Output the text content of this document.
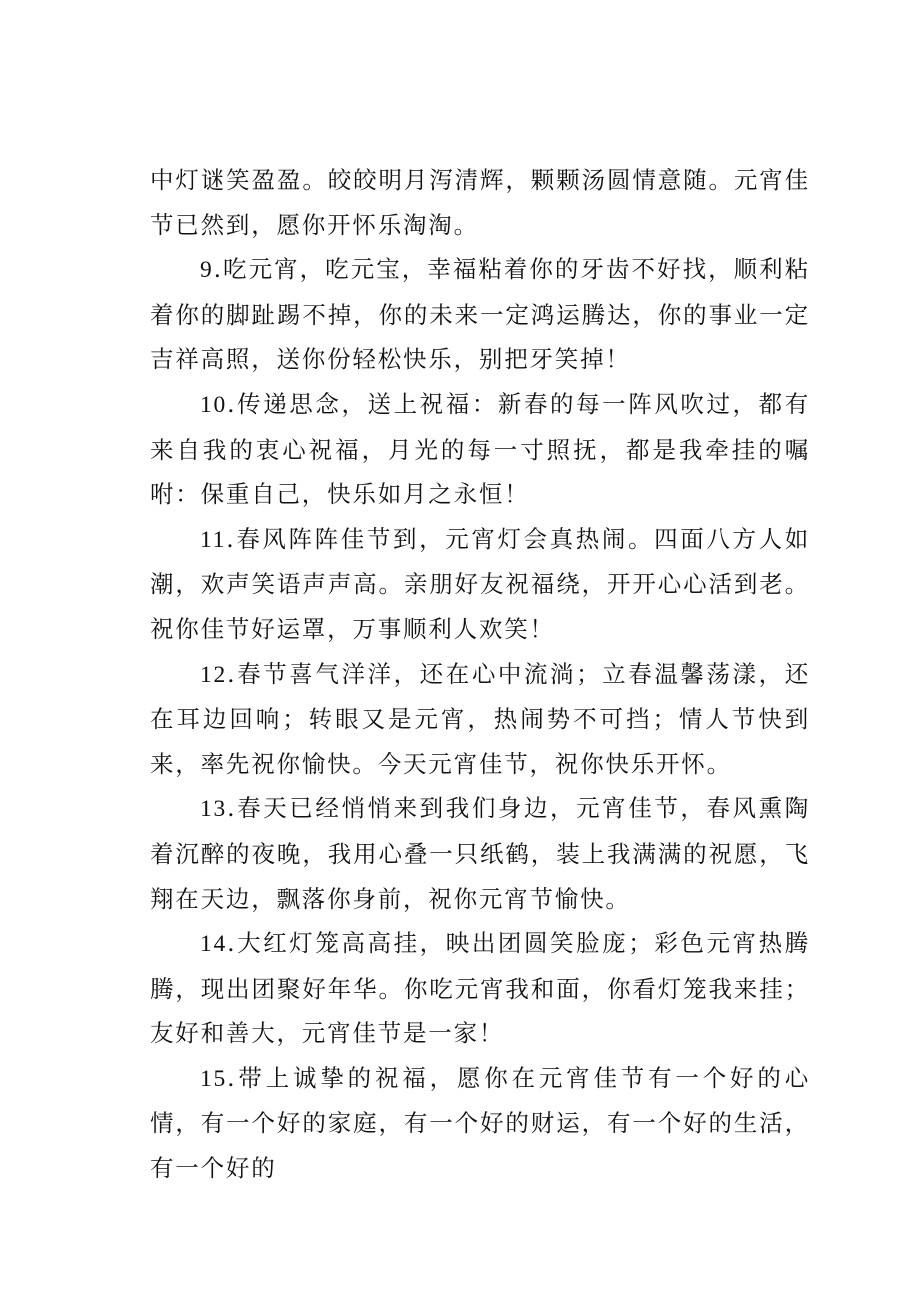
中灯谜笑盈盈。皎皎明月泻清辉，颗颗汤圆情意随。元宵佳节已然到，愿你开怀乐淘淘。

9.吃元宵，吃元宝，幸福粘着你的牙齿不好找，顺利粘着你的脚趾踢不掉，你的未来一定鸿运腾达，你的事业一定吉祥高照，送你份轻松快乐，别把牙笑掉！

10.传递思念，送上祝福：新春的每一阵风吹过，都有来自我的衷心祝福，月光的每一寸照抚，都是我牵挂的嘱咐：保重自己，快乐如月之永恒！

11.春风阵阵佳节到，元宵灯会真热闹。四面八方人如潮，欢声笑语声声高。亲朋好友祝福绕，开开心心活到老。祝你佳节好运罩，万事顺利人欢笑！

12.春节喜气洋洋，还在心中流淌；立春温馨荡漾，还在耳边回响；转眼又是元宵，热闹势不可挡；情人节快到来，率先祝你愉快。今天元宵佳节，祝你快乐开怀。

13.春天已经悄悄来到我们身边，元宵佳节，春风熏陶着沉醉的夜晚，我用心叠一只纸鹤，装上我满满的祝愿，飞翔在天边，飘落你身前，祝你元宵节愉快。

14.大红灯笼高高挂，映出团圆笑脸庞；彩色元宵热腾腾，现出团聚好年华。你吃元宵我和面，你看灯笼我来挂；友好和善大，元宵佳节是一家！

15.带上诚挚的祝福，愿你在元宵佳节有一个好的心情，有一个好的家庭，有一个好的财运，有一个好的生活，有一个好的
